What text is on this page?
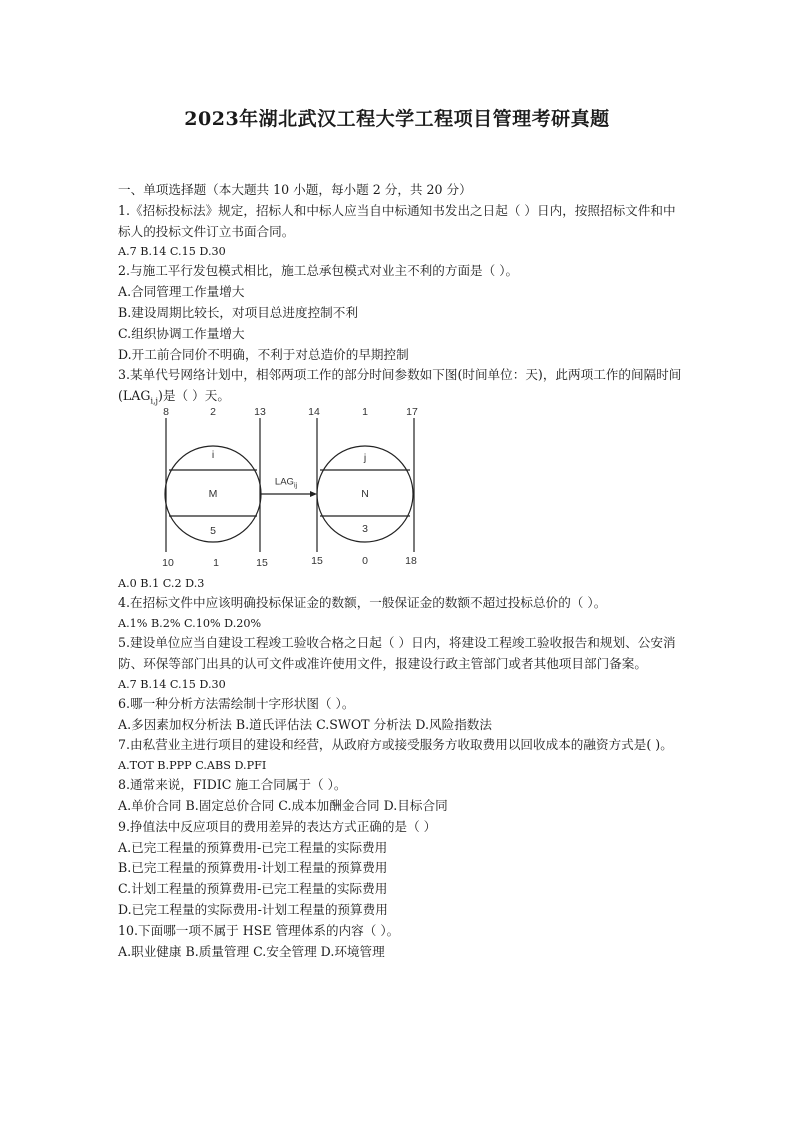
2023年湖北武汉工程大学工程项目管理考研真题
一、单项选择题（本大题共 10 小题，每小题 2 分，共 20 分）
1.《招标投标法》规定，招标人和中标人应当自中标通知书发出之日起（ ）日内，按照招标文件和中标人的投标文件订立书面合同。
A.7 B.14 C.15 D.30
2.与施工平行发包模式相比，施工总承包模式对业主不利的方面是（ ）。
A.合同管理工作量增大
B.建设周期比较长，对项目总进度控制不利
C.组织协调工作量增大
D.开工前合同价不明确，不利于对总造价的早期控制
3.某单代号网络计划中，相邻两项工作的部分时间参数如下图(时间单位：天)，此两项工作的间隔时间$(LAG_{i,j})$是（ ）天。
8	2	13
i
M
5
10	1	15
14	1	17
j
N
3
15	0	18
$LAG_{ij}$
A.0 B.1 C.2 D.3
4.在招标文件中应该明确投标保证金的数额，一般保证金的数额不超过投标总价的（ ）。
A.1% B.2% C.10% D.20%
5.建设单位应当自建设工程竣工验收合格之日起（ ）日内，将建设工程竣工验收报告和规划、公安消防、环保等部门出具的认可文件或准许使用文件，报建设行政主管部门或者其他项目部门备案。
A.7 B.14 C.15 D.30
6.哪一种分析方法需绘制十字形状图（ ）。
A.多因素加权分析法 B.道氏评估法 C.SWOT 分析法 D.风险指数法
7.由私营业主进行项目的建设和经营，从政府方或接受服务方收取费用以回收成本的融资方式是( )。
A.TOT B.PPP C.ABS D.PFI
8.通常来说，FIDIC 施工合同属于（ ）。
A.单价合同 B.固定总价合同 C.成本加酬金合同 D.目标合同
9.挣值法中反应项目的费用差异的表达方式正确的是（ ）
A.已完工程量的预算费用-已完工程量的实际费用
B.已完工程量的预算费用-计划工程量的预算费用
C.计划工程量的预算费用-已完工程量的实际费用
D.已完工程量的实际费用-计划工程量的预算费用
10.下面哪一项不属于 HSE 管理体系的内容（ ）。
A.职业健康 B.质量管理 C.安全管理 D.环境管理
